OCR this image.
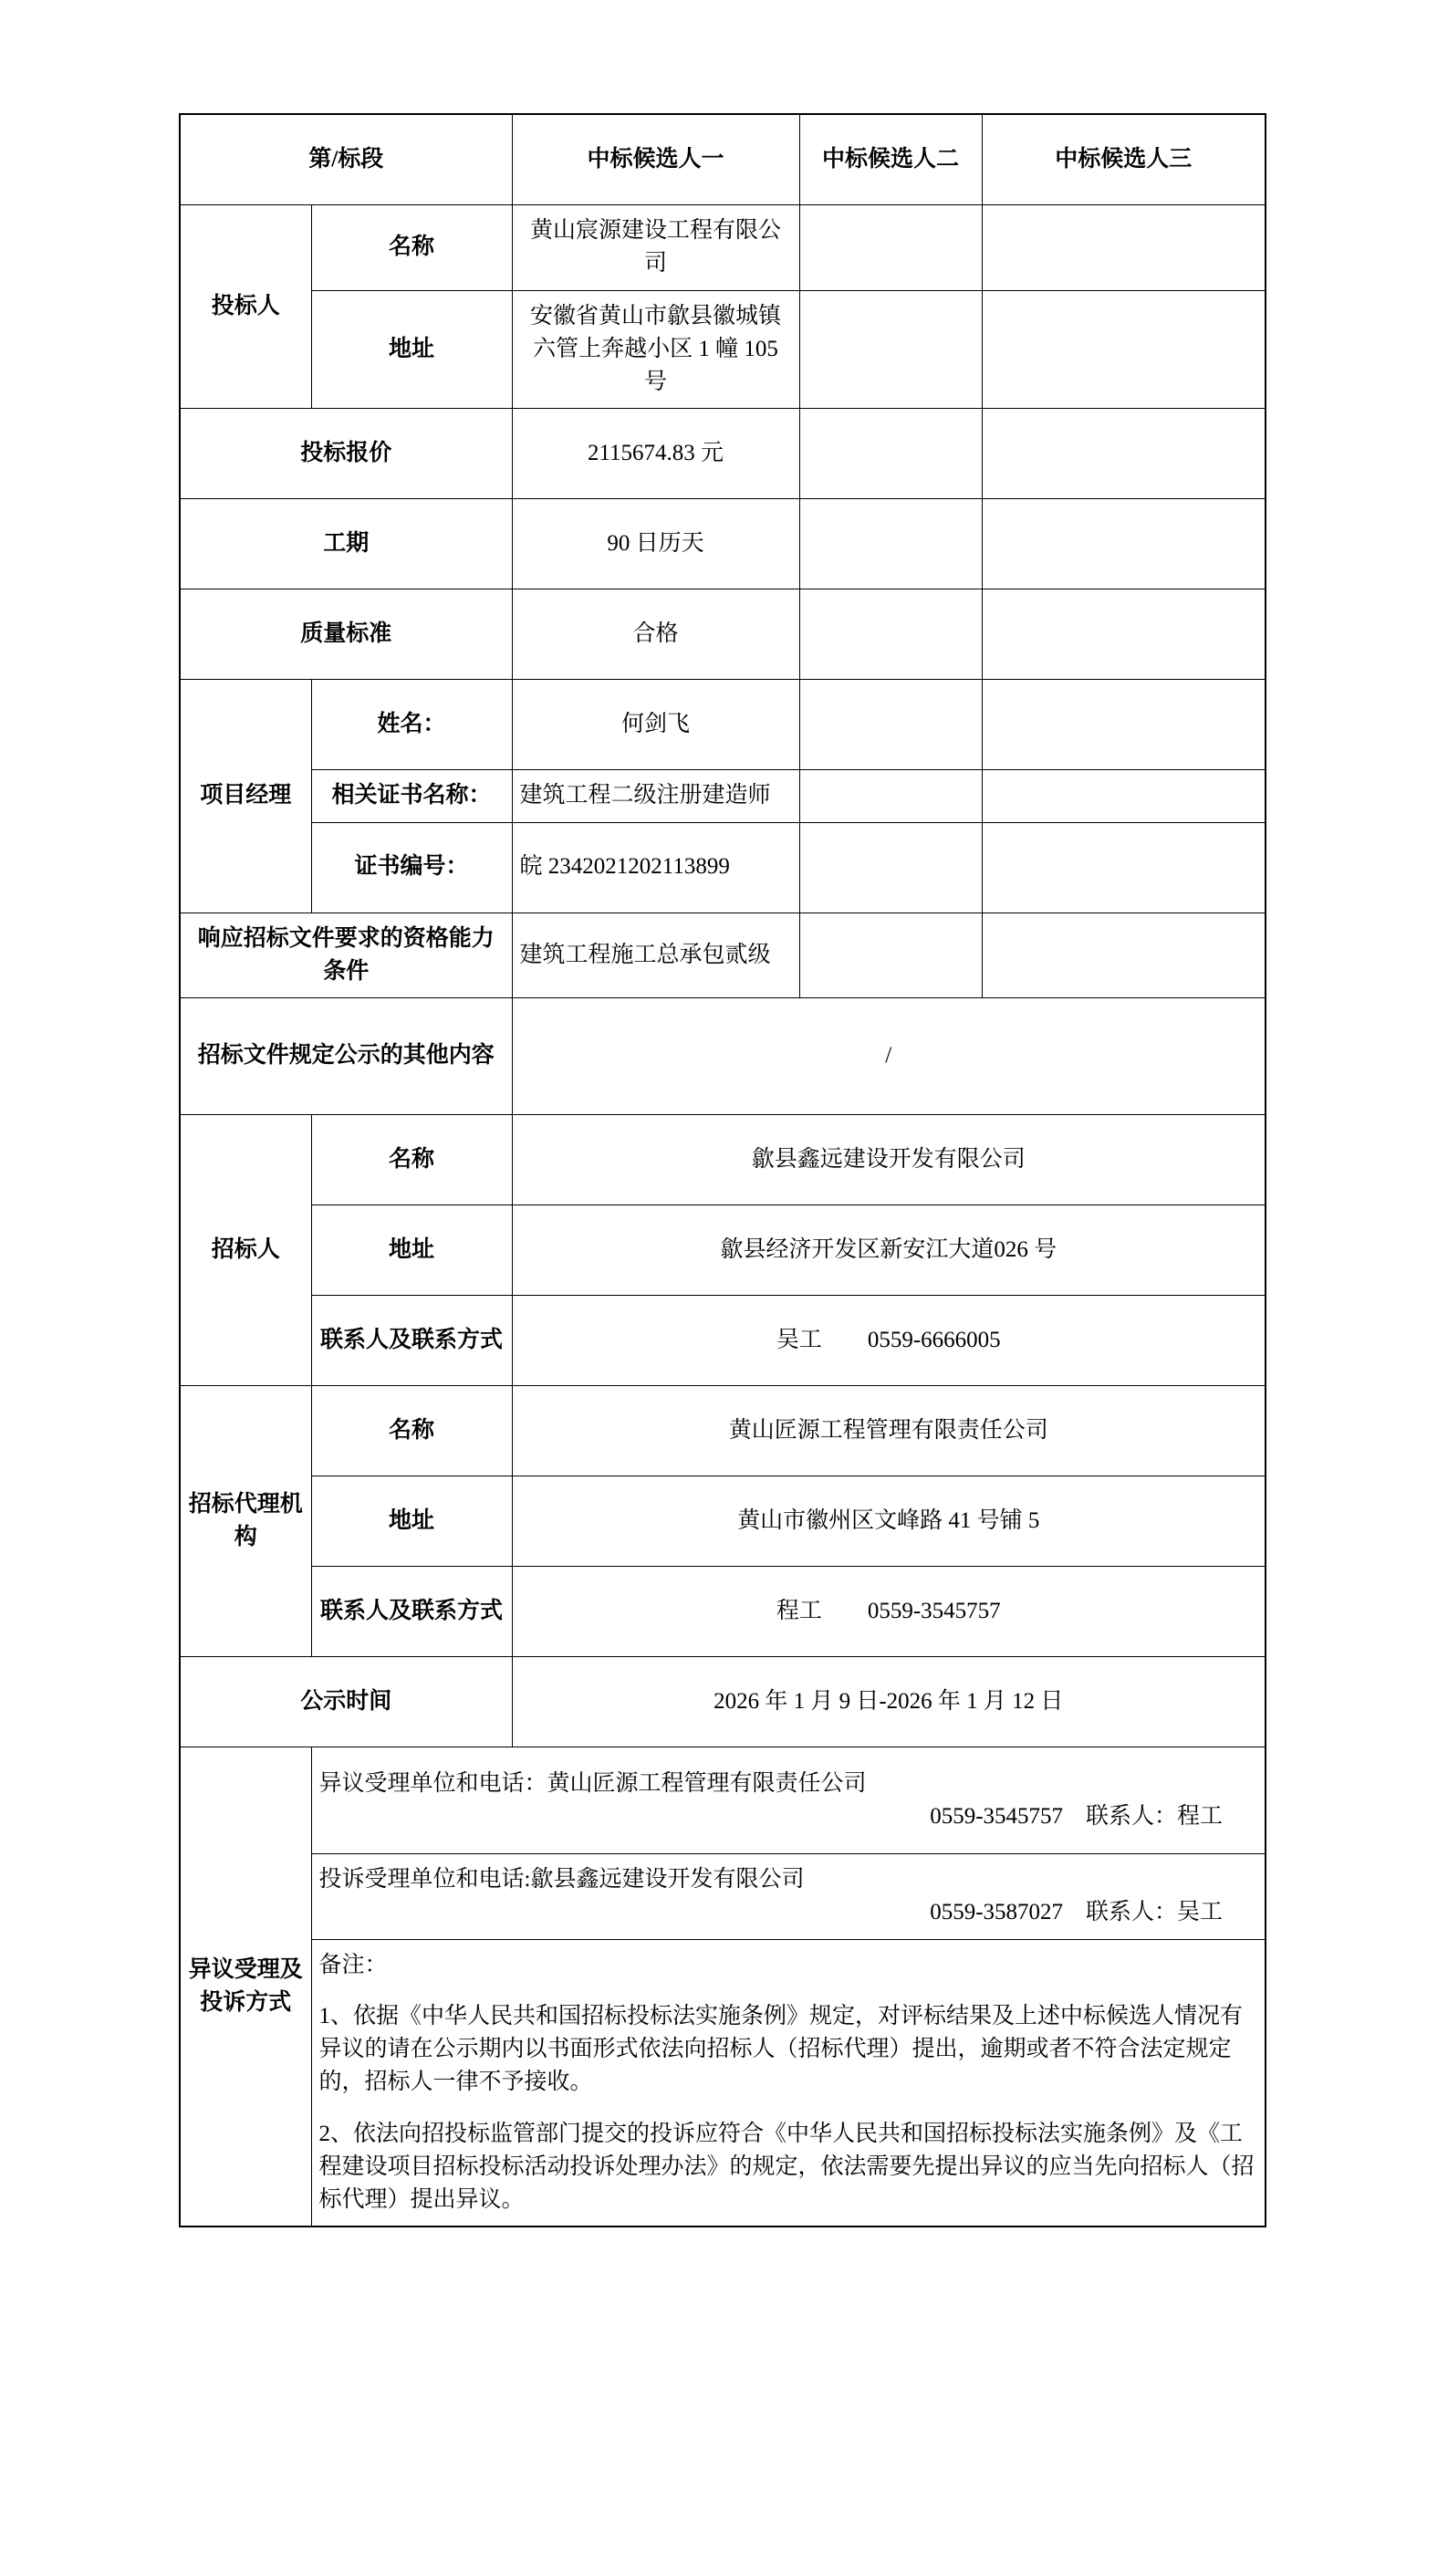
第/标段		中标候选人一	中标候选人二	中标候选人三
投标人	名称	黄山宸源建设工程有限公司		
	地址	安徽省黄山市歙县徽城镇六管上奔越小区 1 幢 105 号		
投标报价		2115674.83 元		
工期		90 日历天		
质量标准		合格		
项目经理	姓名：	何剑飞		
	相关证书名称：	建筑工程二级注册建造师		
	证书编号：	皖 2342021202113899		
响应招标文件要求的资格能力条件		建筑工程施工总承包贰级		
招标文件规定公示的其他内容		/		
招标人	名称	歙县鑫远建设开发有限公司		
	地址	歙县经济开发区新安江大道026 号		
	联系人及联系方式	吴工　　0559-6666005		
招标代理机构	名称	黄山匠源工程管理有限责任公司		
	地址	黄山市徽州区文峰路 41 号铺 5		
	联系人及联系方式	程工　　0559-3545757		
公示时间		2026 年 1 月 9 日-2026 年 1 月 12 日		
异议受理及投诉方式	异议受理单位和电话：黄山匠源工程管理有限责任公司

0559-3545757　联系人：程工			

	投诉受理单位和电话:歙县鑫远建设开发有限公司

0559-3587027　联系人：吴工			

	备注：

1、依据《中华人民共和国招标投标法实施条例》规定，对评标结果及上述中标候选人情况有异议的请在公示期内以书面形式依法向招标人（招标代理）提出，逾期或者不符合法定规定的，招标人一律不予接收。

2、依法向招投标监管部门提交的投诉应符合《中华人民共和国招标投标法实施条例》及《工程建设项目招标投标活动投诉处理办法》的规定，依法需要先提出异议的应当先向招标人（招标代理）提出异议。			
